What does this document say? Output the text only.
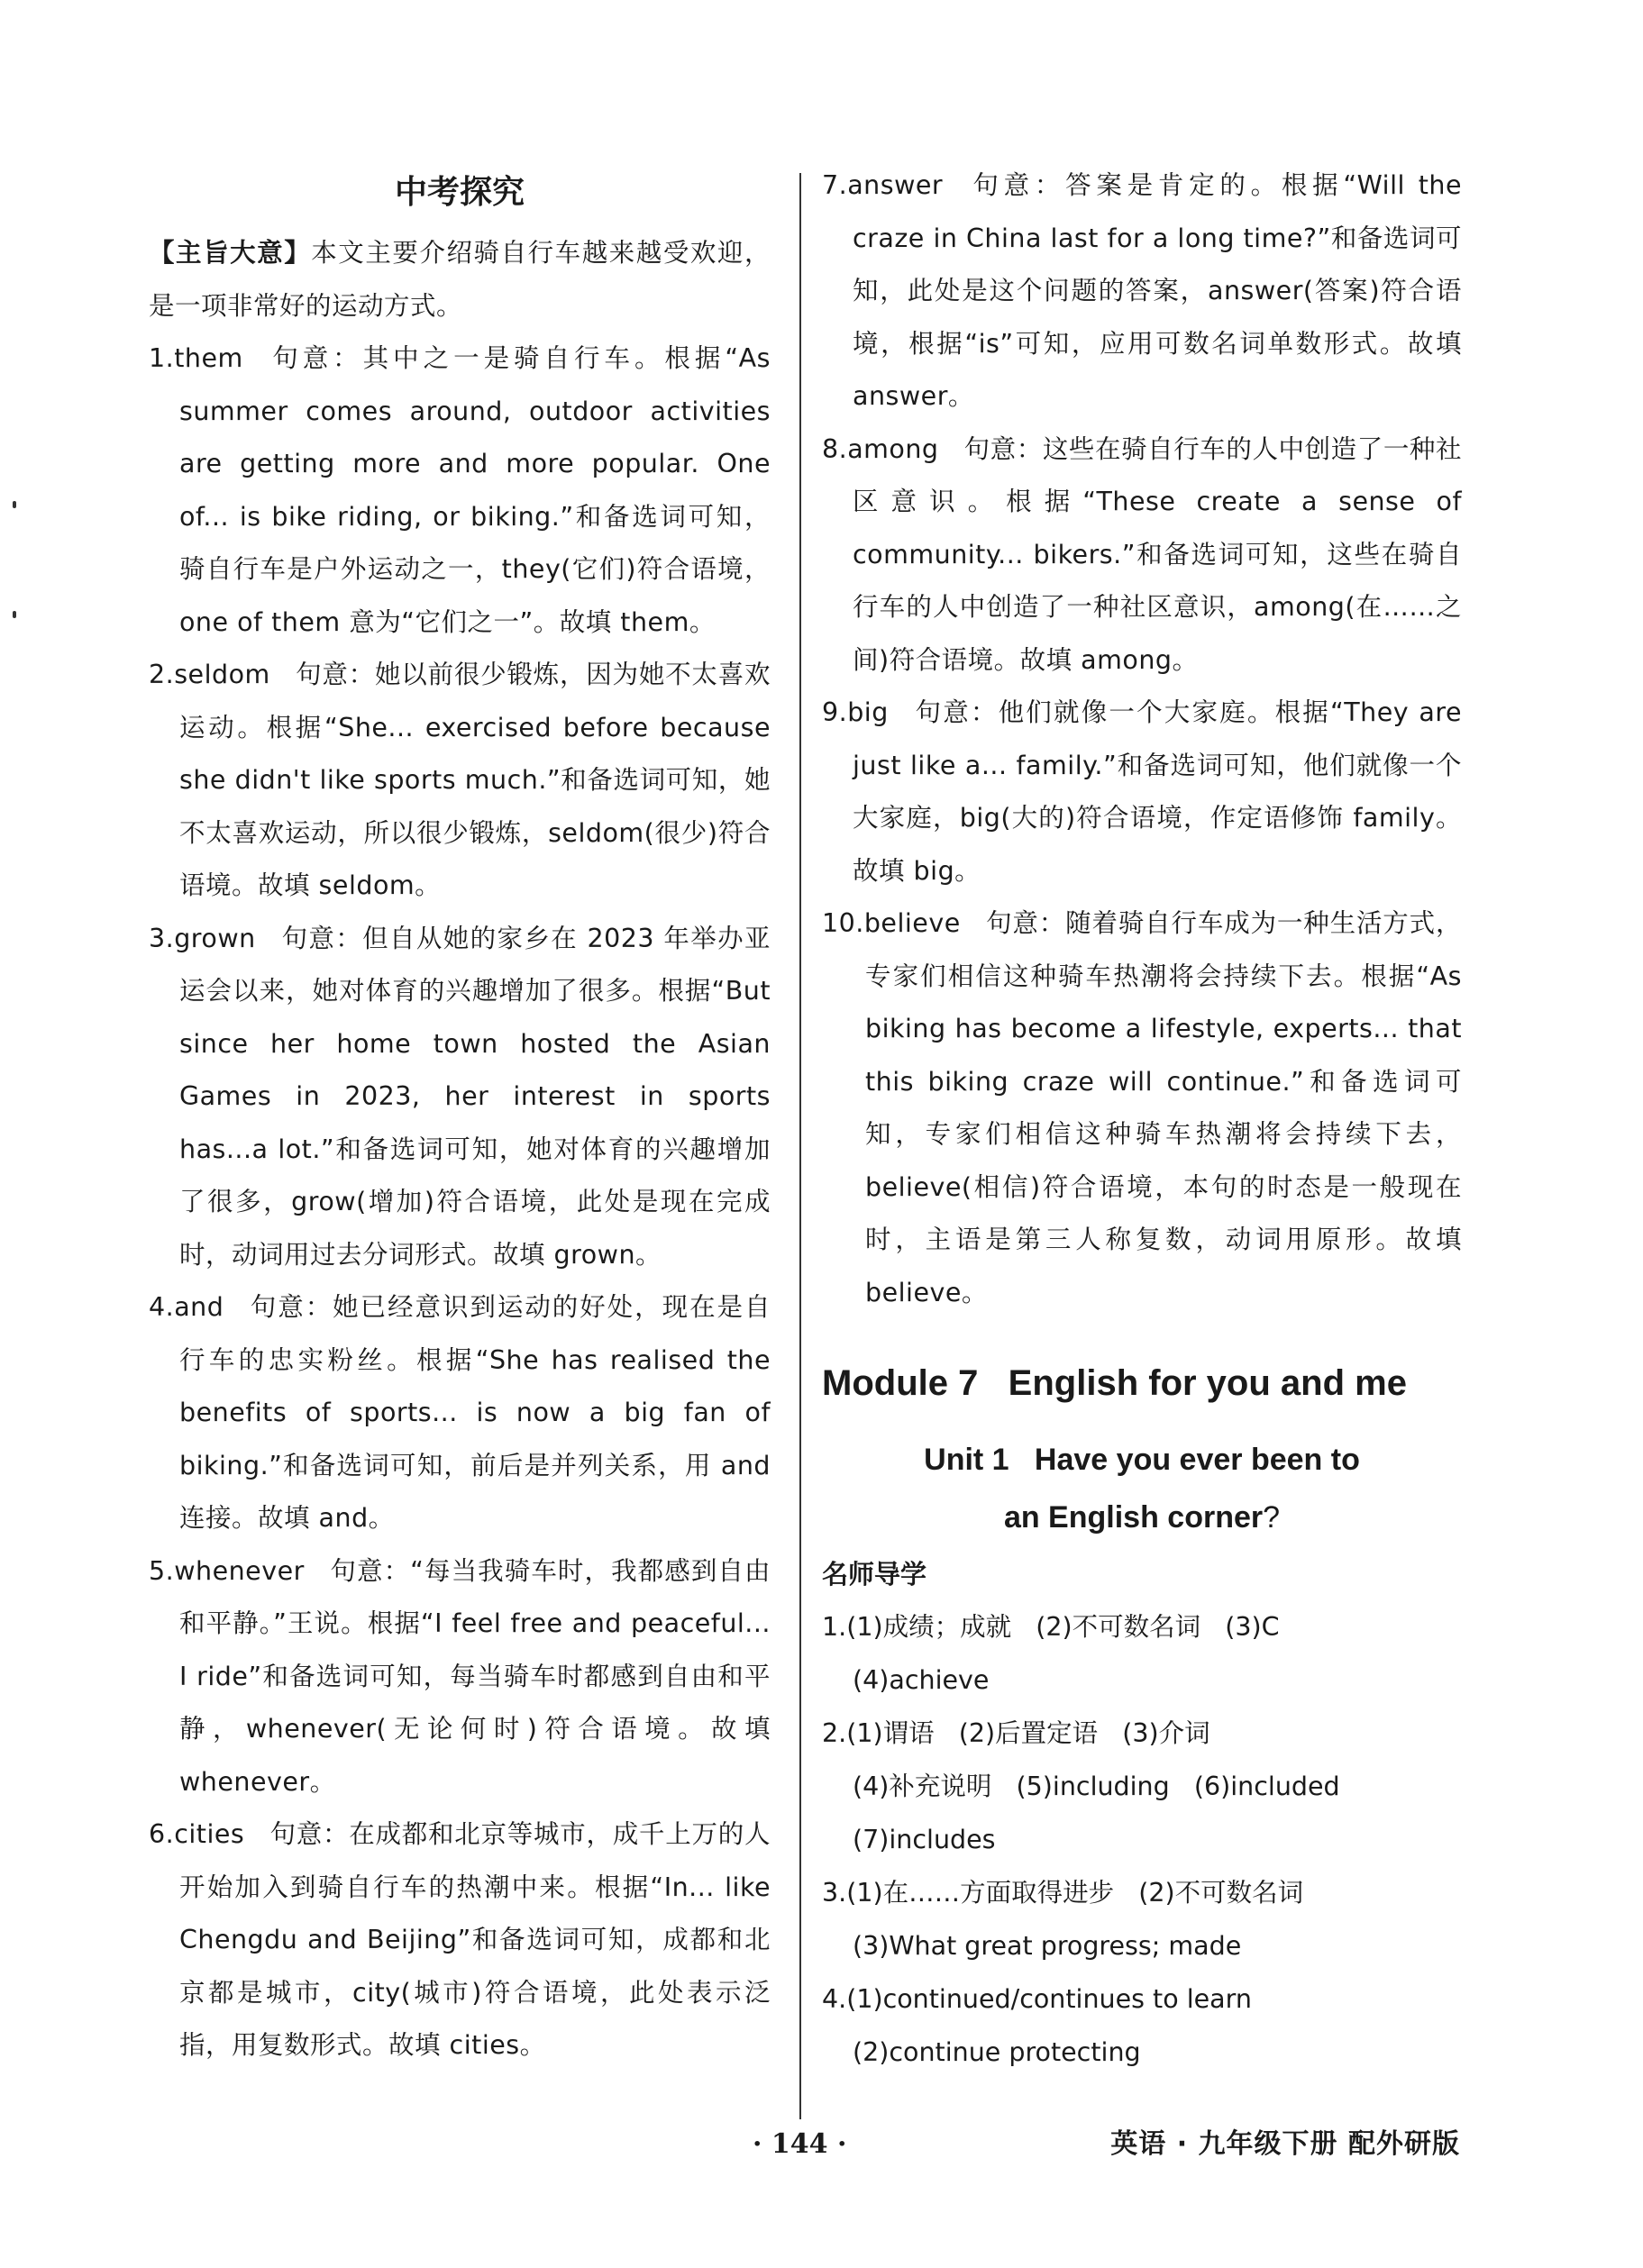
中考探究

【主旨大意】本文主要介绍骑自行车越来越受欢迎，是一项非常好的运动方式。

1.them 句意：其中之一是骑自行车。根据“As summer comes around, outdoor activities are getting more and more popular. One of... is bike riding, or biking.”和备选词可知，骑自行车是户外运动之一，they(它们)符合语境，one of them 意为“它们之一”。故填 them。

2.seldom 句意：她以前很少锻炼，因为她不太喜欢运动。根据“She... exercised before because she didn't like sports much.”和备选词可知，她不太喜欢运动，所以很少锻炼，seldom(很少)符合语境。故填 seldom。

3.grown 句意：但自从她的家乡在 2023 年举办亚运会以来，她对体育的兴趣增加了很多。根据“But since her home town hosted the Asian Games in 2023, her interest in sports has...a lot.”和备选词可知，她对体育的兴趣增加了很多，grow(增加)符合语境，此处是现在完成时，动词用过去分词形式。故填 grown。

4.and 句意：她已经意识到运动的好处，现在是自行车的忠实粉丝。根据“She has realised the benefits of sports... is now a big fan of biking.”和备选词可知，前后是并列关系，用 and 连接。故填 and。

5.whenever 句意：“每当我骑车时，我都感到自由和平静。”王说。根据“I feel free and peaceful... I ride”和备选词可知，每当骑车时都感到自由和平静，whenever(无论何时)符合语境。故填 whenever。

6.cities 句意：在成都和北京等城市，成千上万的人开始加入到骑自行车的热潮中来。根据“In... like Chengdu and Beijing”和备选词可知，成都和北京都是城市，city(城市)符合语境，此处表示泛指，用复数形式。故填 cities。

7.answer 句意：答案是肯定的。根据“Will the craze in China last for a long time?”和备选词可知，此处是这个问题的答案，answer(答案)符合语境，根据“is”可知，应用可数名词单数形式。故填 answer。

8.among 句意：这些在骑自行车的人中创造了一种社区意识。根据“These create a sense of community... bikers.”和备选词可知，这些在骑自行车的人中创造了一种社区意识，among(在……之间)符合语境。故填 among。

9.big 句意：他们就像一个大家庭。根据“They are just like a... family.”和备选词可知，他们就像一个大家庭，big(大的)符合语境，作定语修饰 family。故填 big。

10.believe 句意：随着骑自行车成为一种生活方式，专家们相信这种骑车热潮将会持续下去。根据“As biking has become a lifestyle, experts... that this biking craze will continue.”和备选词可知，专家们相信这种骑车热潮将会持续下去，believe(相信)符合语境，本句的时态是一般现在时，主语是第三人称复数，动词用原形。故填 believe。

Module 7   English for you and me

Unit 1   Have you ever been to

an English corner?

名师导学

1.(1)成绩；成就   (2)不可数名词   (3)C

(4)achieve

2.(1)谓语   (2)后置定语   (3)介词

(4)补充说明   (5)including   (6)included

(7)includes

3.(1)在……方面取得进步   (2)不可数名词

(3)What great progress; made

4.(1)continued/continues to learn

(2)continue protecting

· 144 ·	英语 · 九年级下册 配外研版
